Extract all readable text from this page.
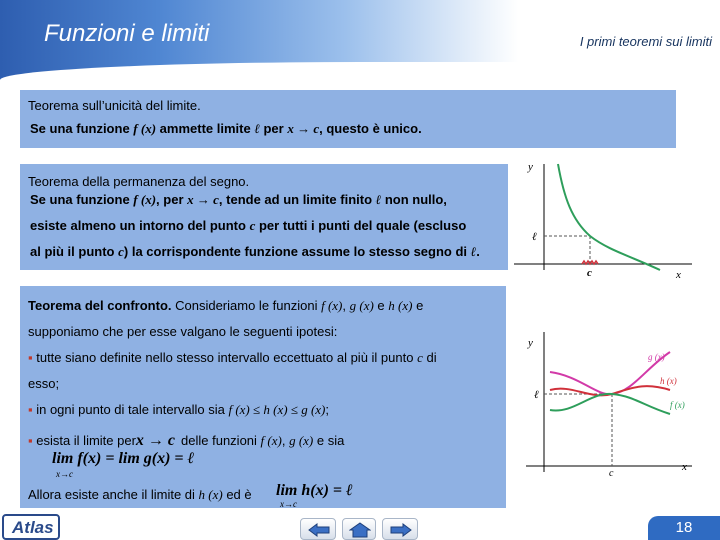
Funzioni e limiti	I primi teoremi sui limiti
Teorema sull’unicità del limite.
Se una funzione f (x) ammette limite ℓ per x → c, questo è unico.
Teorema della permanenza del segno.
Se una funzione f (x), per x → c, tende ad un limite finito ℓ non nullo,
esiste almeno un intorno del punto c per tutti i punti del quale (escluso
al più il punto c) la corrispondente funzione assume lo stesso segno di ℓ.
y
ℓ
c	x
Teorema del confronto. Consideriamo le funzioni f (x), g (x) e h (x) e
supponiamo che per esse valgano le seguenti ipotesi:
▪ tutte siano definite nello stesso intervallo eccettuato al più il punto c di
esso;
▪ in ogni punto di tale intervallo sia f (x) ≤ h (x) ≤ g (x);
▪ esista il limite perx → c delle funzioni f (x), g (x) e sia
lim f(x) = lim g(x) = ℓ
x→c
Allora esiste anche il limite di h (x) ed è lim h(x) = ℓ
x→c
y
ℓ
c
x
g (x)
h (x)
f (x)
Atlas	18
